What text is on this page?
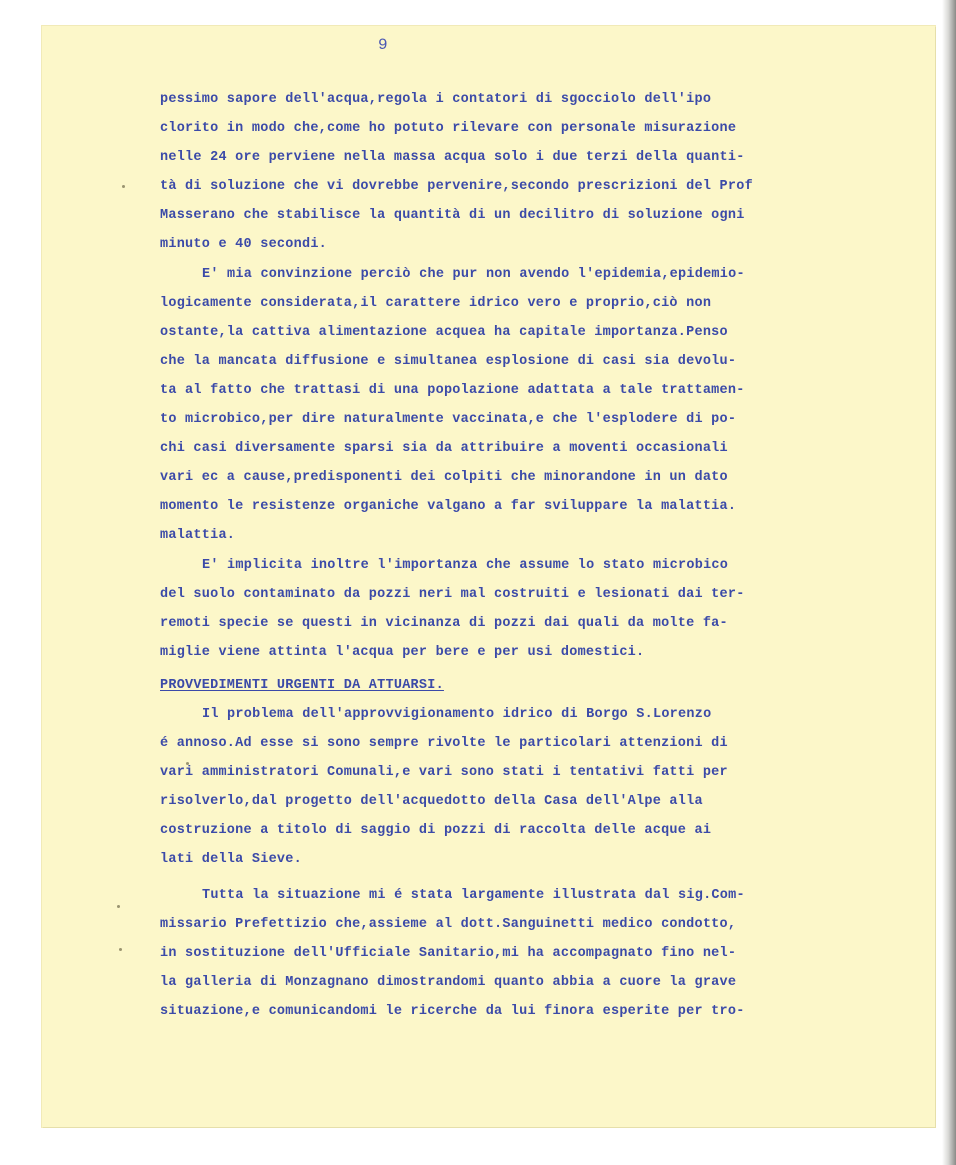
9
pessimo sapore dell'acqua,regola i contatori di sgocciolo dell'ipo
clorito in modo che,come ho potuto rilevare con personale misurazione
nelle 24 ore perviene nella massa acqua solo i due terzi della quanti-
tà di soluzione che vi dovrebbe pervenire,secondo prescrizioni del Prof
Masserano che stabilisce la quantità di un decilitro di soluzione ogni
minuto e 40 secondi.
E' mia convinzione perciò che pur non avendo l'epidemia,epidemio-
logicamente considerata,il carattere idrico vero e proprio,ciò non
ostante,la cattiva alimentazione acquea ha capitale importanza.Penso
che la mancata diffusione e simultanea esplosione di casi sia devolu-
ta al fatto che trattasi di una popolazione adattata a tale trattamen-
to microbico,per dire naturalmente vaccinata,e che l'esplodere di po-
chi casi diversamente sparsi sia da attribuire a moventi occasionali
vari ec a cause,predisponenti dei colpiti che minorandone in un dato
momento le resistenze organiche valgano a far sviluppare la malattia.
malattia.
E' implicita inoltre l'importanza che assume lo stato microbico
del suolo contaminato da pozzi neri mal costruiti e lesionati dai ter-
remoti specie se questi in vicinanza di pozzi dai quali da molte fa-
miglie viene attinta l'acqua per bere e per usi domestici.
PROVVEDIMENTI URGENTI DA ATTUARSI.
Il problema dell'approvvigionamento idrico di Borgo S.Lorenzo
é annoso.Ad esse si sono sempre rivolte le particolari attenzioni di
vari amministratori Comunali,e vari sono stati i tentativi fatti per
risolverlo,dal progetto dell'acquedotto della Casa dell'Alpe alla
costruzione a titolo di saggio di pozzi di raccolta delle acque ai
lati della Sieve.
Tutta la situazione mi é stata largamente illustrata dal sig.Com-
missario Prefettizio che,assieme al dott.Sanguinetti medico condotto,
in sostituzione dell'Ufficiale Sanitario,mi ha accompagnato fino nel-
la galleria di Monzagnano dimostrandomi quanto abbia a cuore la grave
situazione,e comunicandomi le ricerche da lui finora esperite per tro-
